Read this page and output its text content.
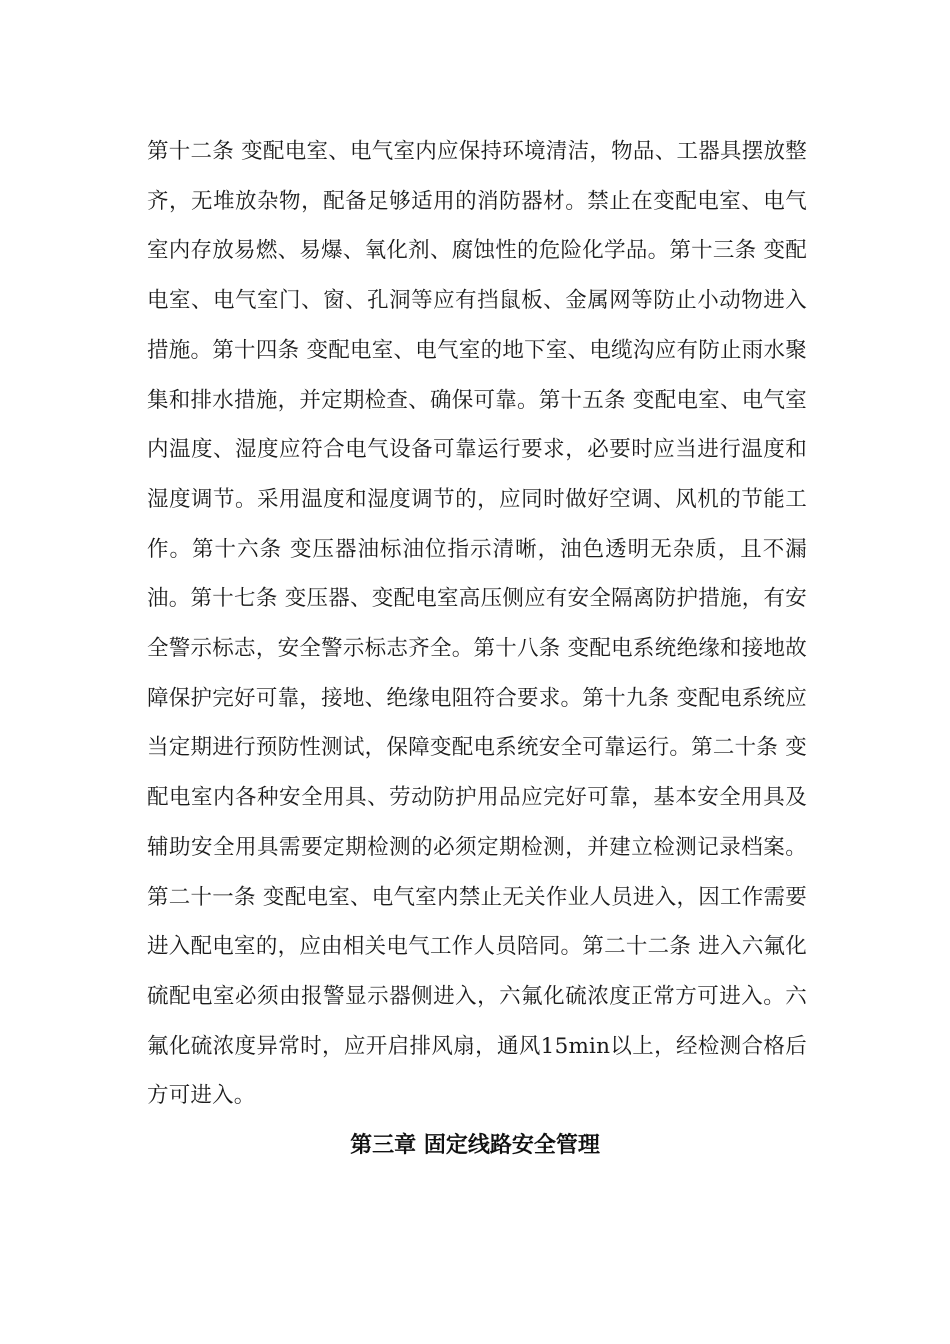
第十二条 变配电室、电气室内应保持环境清洁，物品、工器具摆放整齐，无堆放杂物，配备足够适用的消防器材。禁止在变配电室、电气室内存放易燃、易爆、氧化剂、腐蚀性的危险化学品。第十三条 变配电室、电气室门、窗、孔洞等应有挡鼠板、金属网等防止小动物进入措施。第十四条 变配电室、电气室的地下室、电缆沟应有防止雨水聚集和排水措施，并定期检查、确保可靠。第十五条 变配电室、电气室内温度、湿度应符合电气设备可靠运行要求，必要时应当进行温度和湿度调节。采用温度和湿度调节的，应同时做好空调、风机的节能工作。第十六条 变压器油标油位指示清晰，油色透明无杂质，且不漏油。第十七条 变压器、变配电室高压侧应有安全隔离防护措施，有安全警示标志，安全警示标志齐全。第十八条 变配电系统绝缘和接地故障保护完好可靠，接地、绝缘电阻符合要求。第十九条 变配电系统应当定期进行预防性测试，保障变配电系统安全可靠运行。第二十条 变配电室内各种安全用具、劳动防护用品应完好可靠，基本安全用具及辅助安全用具需要定期检测的必须定期检测，并建立检测记录档案。第二十一条 变配电室、电气室内禁止无关作业人员进入，因工作需要进入配电室的，应由相关电气工作人员陪同。第二十二条 进入六氟化硫配电室必须由报警显示器侧进入，六氟化硫浓度正常方可进入。六氟化硫浓度异常时，应开启排风扇，通风15min以上，经检测合格后方可进入。

第三章 固定线路安全管理
